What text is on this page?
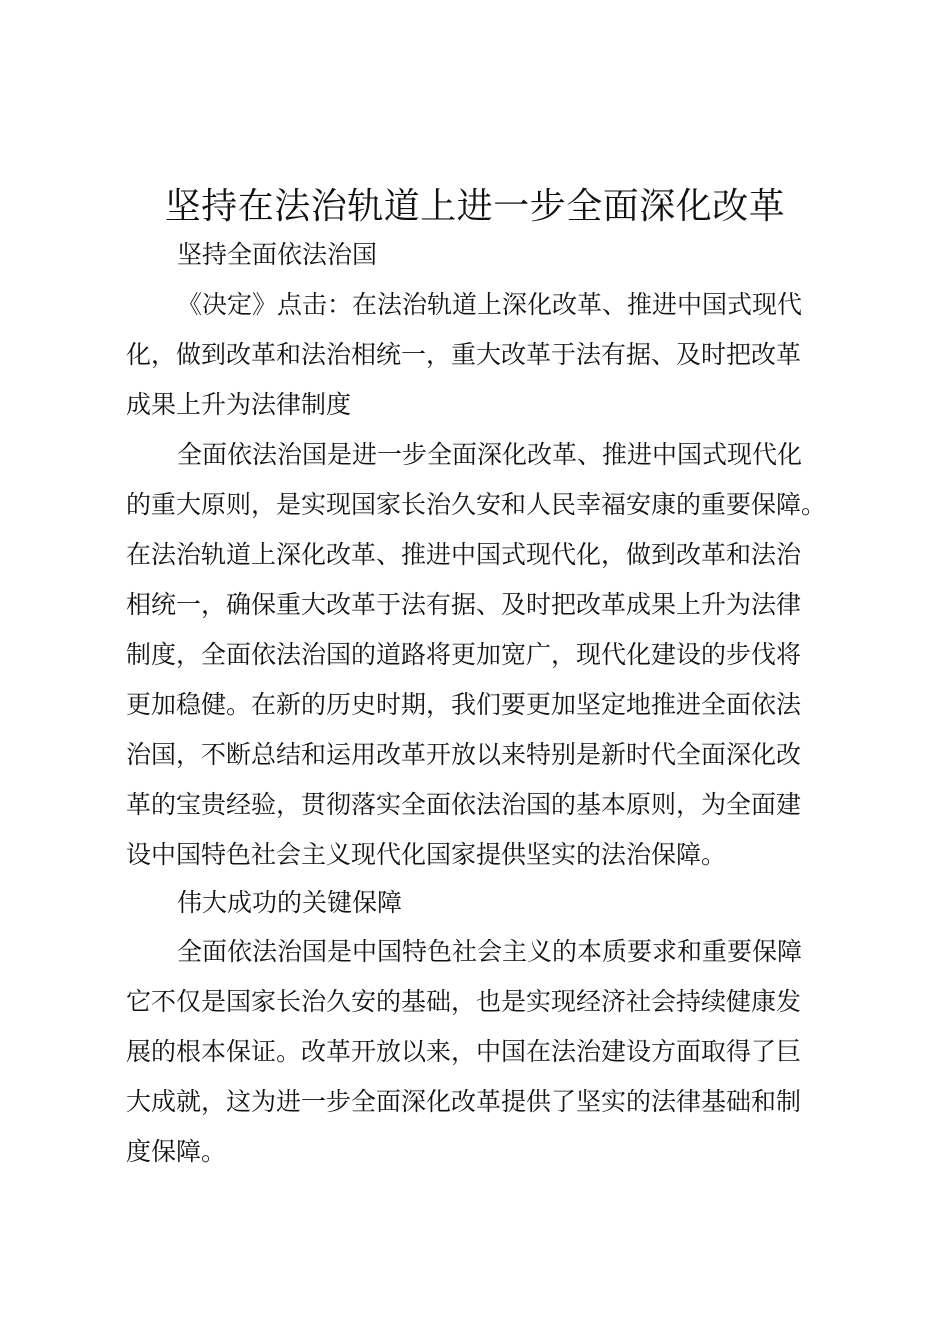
坚持在法治轨道上进一步全面深化改革

坚持全面依法治国

《决定》点击：在法治轨道上深化改革、推进中国式现代

化，做到改革和法治相统一，重大改革于法有据、及时把改革

成果上升为法律制度

全面依法治国是进一步全面深化改革、推进中国式现代化

的重大原则，是实现国家长治久安和人民幸福安康的重要保障。

在法治轨道上深化改革、推进中国式现代化，做到改革和法治

相统一，确保重大改革于法有据、及时把改革成果上升为法律

制度，全面依法治国的道路将更加宽广，现代化建设的步伐将

更加稳健。在新的历史时期，我们要更加坚定地推进全面依法

治国，不断总结和运用改革开放以来特别是新时代全面深化改

革的宝贵经验，贯彻落实全面依法治国的基本原则，为全面建

设中国特色社会主义现代化国家提供坚实的法治保障。

伟大成功的关键保障

全面依法治国是中国特色社会主义的本质要求和重要保障

它不仅是国家长治久安的基础，也是实现经济社会持续健康发

展的根本保证。改革开放以来，中国在法治建设方面取得了巨

大成就，这为进一步全面深化改革提供了坚实的法律基础和制

度保障。
